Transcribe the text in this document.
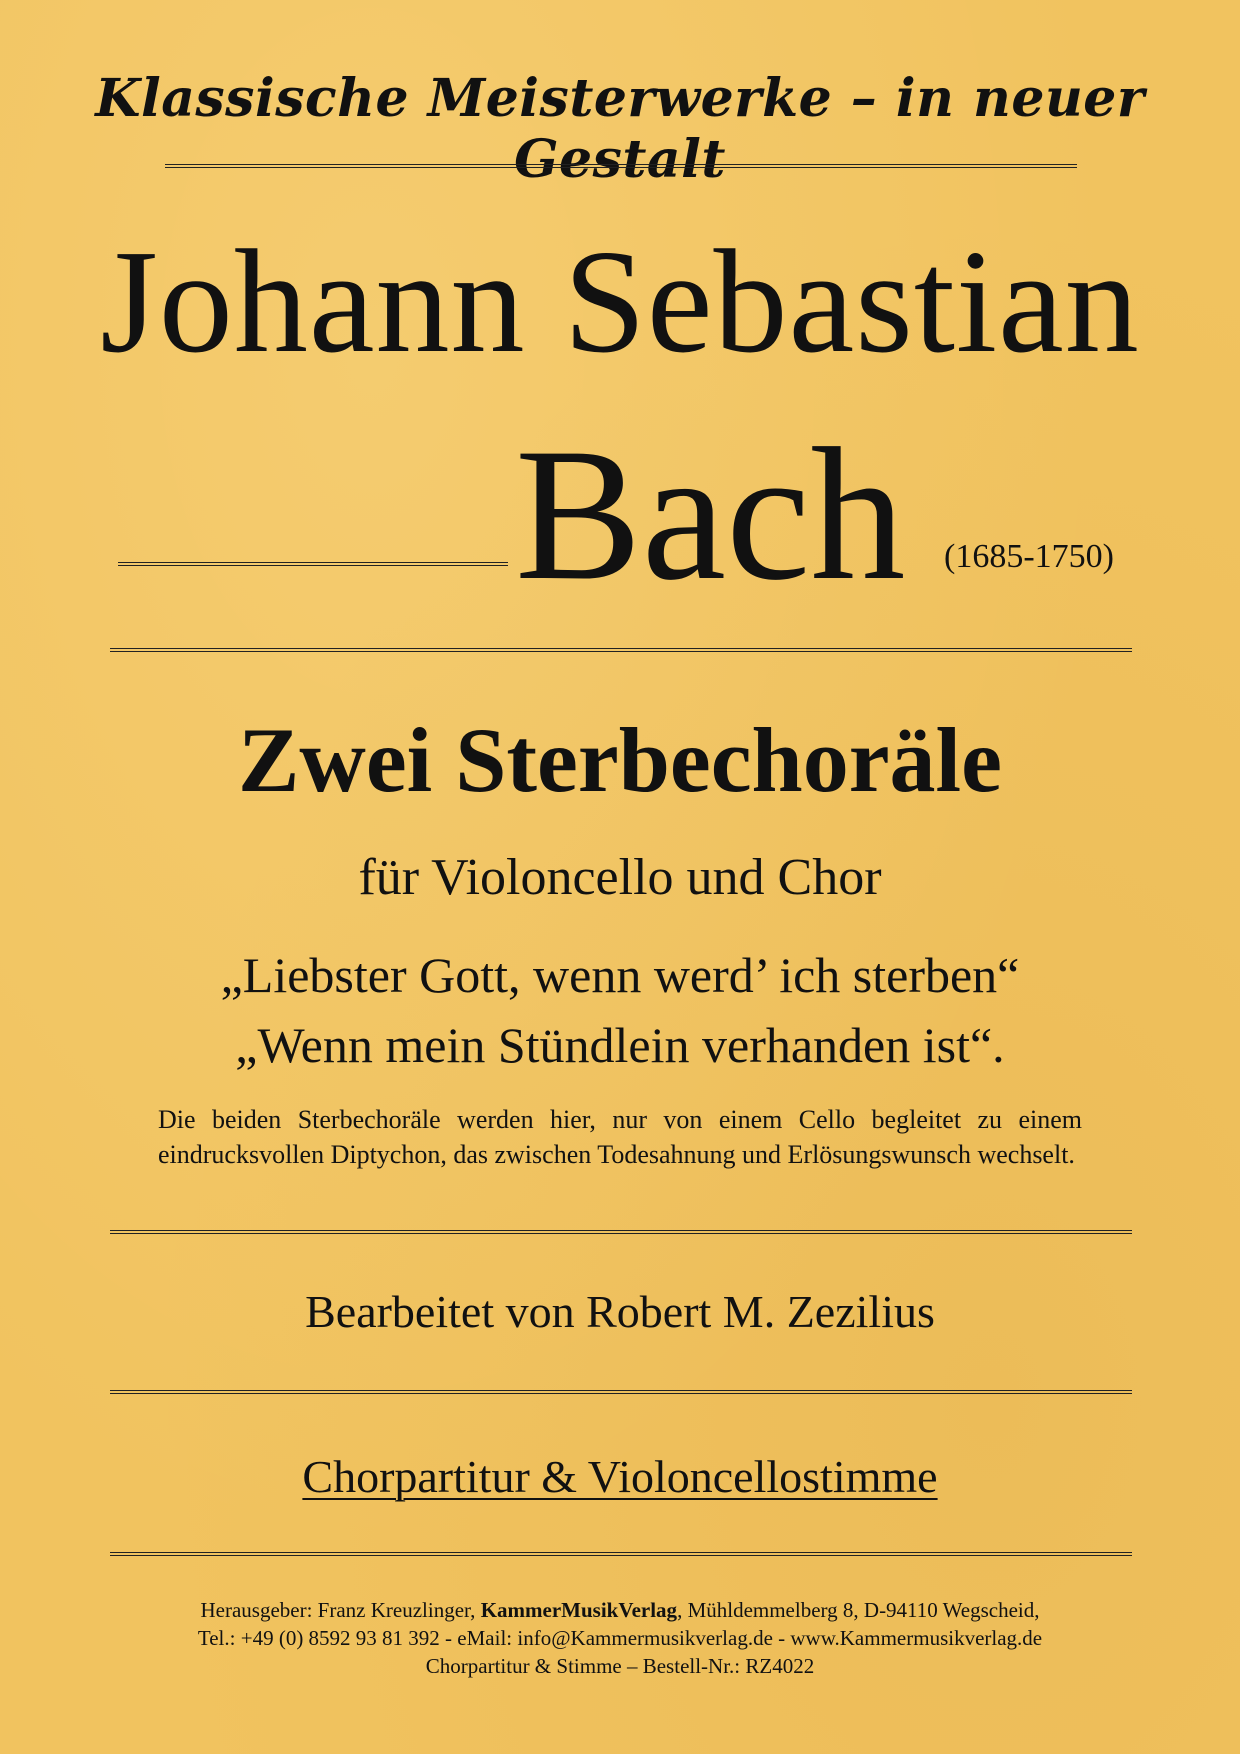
Klassische Meisterwerke – in neuer Gestalt
Johann Sebastian
Bach (1685-1750)
Zwei Sterbechoräle
für Violoncello und Chor
„Liebster Gott, wenn werd’ ich sterben“
„Wenn mein Stündlein verhanden ist“.
Die beiden Sterbechoräle werden hier, nur von einem Cello begleitet zu einem eindrucksvollen Diptychon, das zwischen Todesahnung und Erlösungswunsch wechselt.
Bearbeitet von Robert M. Zezilius
Chorpartitur & Violoncellostimme
Herausgeber: Franz Kreuzlinger, KammerMusikVerlag, Mühldemmelberg 8, D-94110 Wegscheid,
Tel.: +49 (0) 8592 93 81 392 - eMail: info@Kammermusikverlag.de - www.Kammermusikverlag.de
Chorpartitur & Stimme – Bestell-Nr.: RZ4022
